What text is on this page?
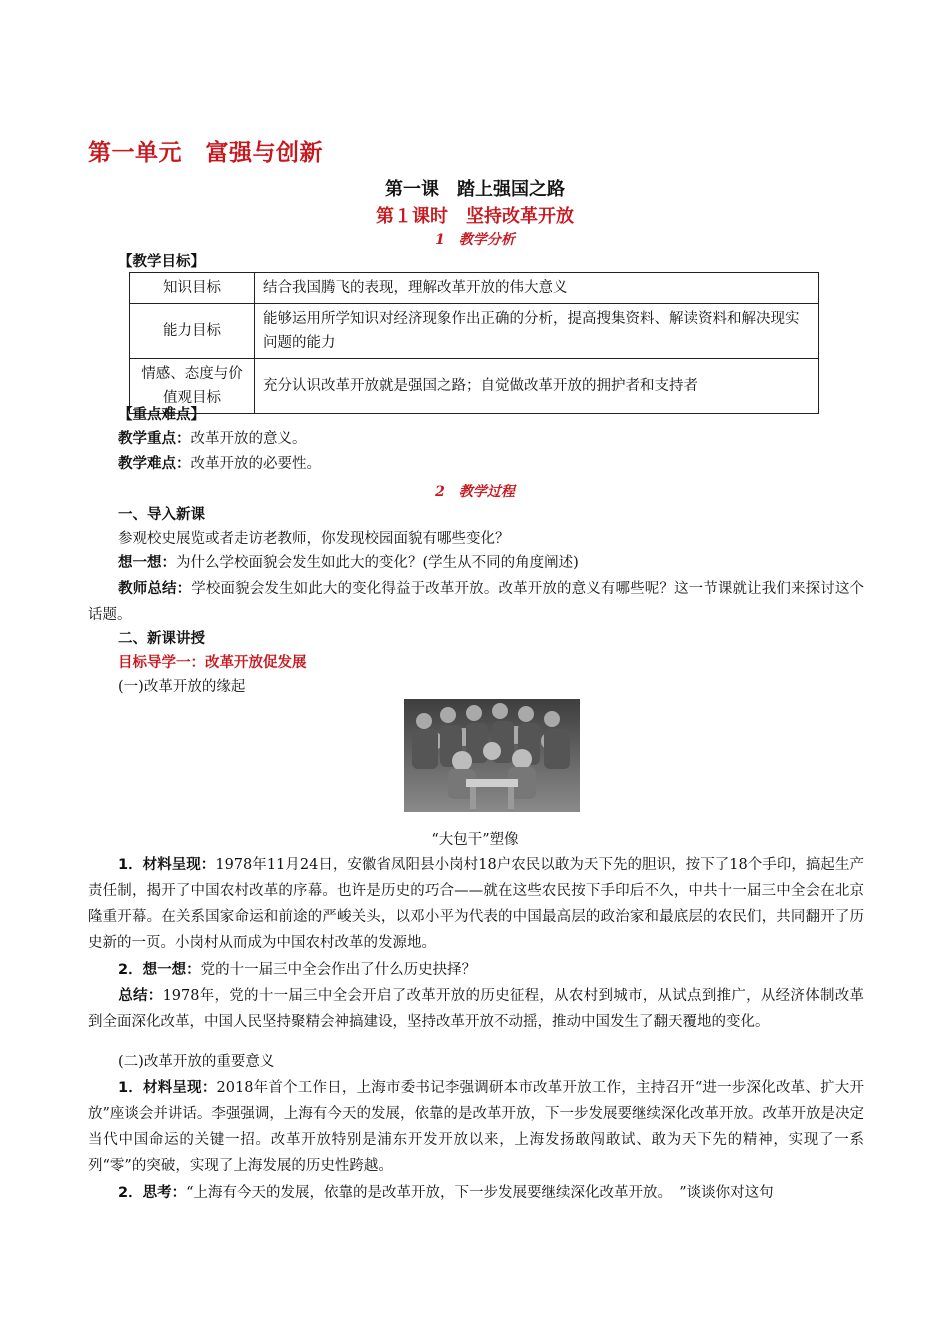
第一单元　富强与创新
第一课　踏上强国之路
第１课时　坚持改革开放
1　教学分析
【教学目标】
知识目标	结合我国腾飞的表现，理解改革开放的伟大意义
能力目标	能够运用所学知识对经济现象作出正确的分析，提高搜集资料、解读资料和解决现实问题的能力
情感、态度与价值观目标	充分认识改革开放就是强国之路；自觉做改革开放的拥护者和支持者
【重点难点】
教学重点：改革开放的意义。
教学难点：改革开放的必要性。
2　教学过程
一、导入新课
参观校史展览或者走访老教师，你发现校园面貌有哪些变化？
想一想：为什么学校面貌会发生如此大的变化？(学生从不同的角度阐述)
教师总结：学校面貌会发生如此大的变化得益于改革开放。改革开放的意义有哪些呢？这一节课就让我们来探讨这个话题。
二、新课讲授
目标导学一：改革开放促发展
(一)改革开放的缘起
“大包干”塑像
1．材料呈现：1978年11月24日，安徽省凤阳县小岗村18户农民以敢为天下先的胆识，按下了18个手印，搞起生产责任制，揭开了中国农村改革的序幕。也许是历史的巧合——就在这些农民按下手印后不久，中共十一届三中全会在北京隆重开幕。在关系国家命运和前途的严峻关头，以邓小平为代表的中国最高层的政治家和最底层的农民们，共同翻开了历史新的一页。小岗村从而成为中国农村改革的发源地。
2．想一想：党的十一届三中全会作出了什么历史抉择？
总结：1978年，党的十一届三中全会开启了改革开放的历史征程，从农村到城市，从试点到推广，从经济体制改革到全面深化改革，中国人民坚持聚精会神搞建设，坚持改革开放不动摇，推动中国发生了翻天覆地的变化。
(二)改革开放的重要意义
1．材料呈现：2018年首个工作日，上海市委书记李强调研本市改革开放工作，主持召开“进一步深化改革、扩大开放”座谈会并讲话。李强强调，上海有今天的发展，依靠的是改革开放，下一步发展要继续深化改革开放。改革开放是决定当代中国命运的关键一招。改革开放特别是浦东开发开放以来，上海发扬敢闯敢试、敢为天下先的精神，实现了一系列“零”的突破，实现了上海发展的历史性跨越。
2．思考：“上海有今天的发展，依靠的是改革开放，下一步发展要继续深化改革开放。　”谈谈你对这句
